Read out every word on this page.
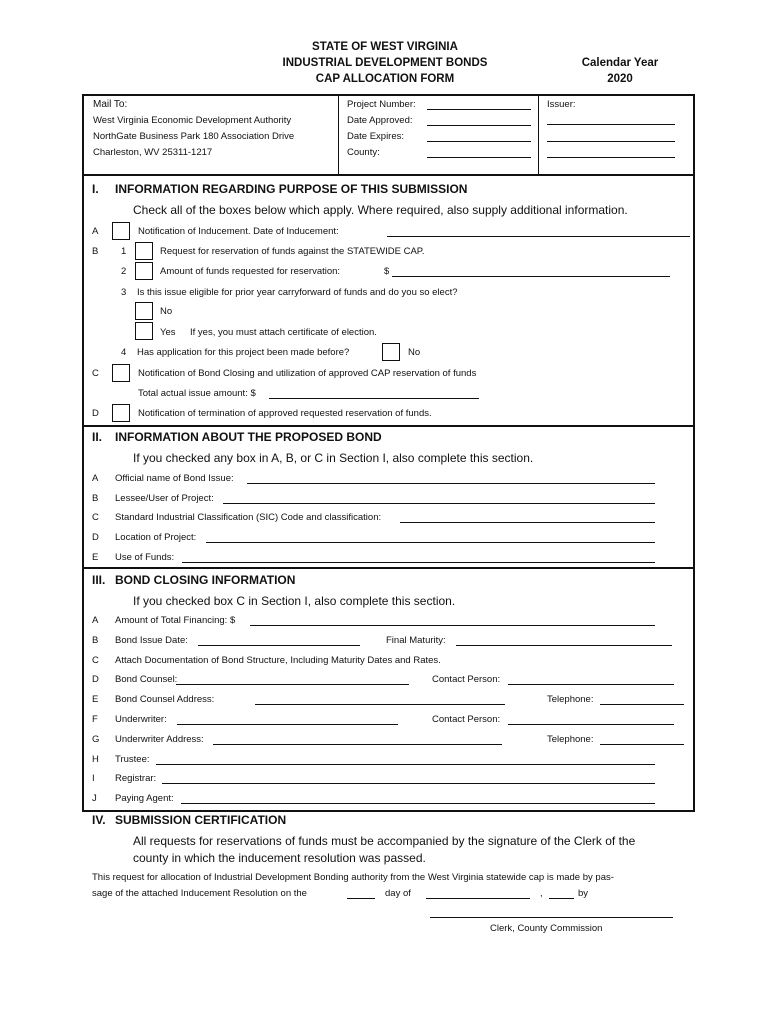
STATE OF WEST VIRGINIA
INDUSTRIAL DEVELOPMENT BONDS
CAP ALLOCATION FORM
Calendar Year
2020
Mail To:
West Virginia Economic Development Authority
NorthGate Business Park 180 Association Drive
Charleston, WV 25311-1217
Project Number:
Date Approved:
Date Expires:
County:
Issuer:
I. INFORMATION REGARDING PURPOSE OF THIS SUBMISSION
Check all of the boxes below which apply. Where required, also supply additional information.
A	Notification of Inducement. Date of Inducement:
B 1	Request for reservation of funds against the STATEWIDE CAP.
2	Amount of funds requested for reservation:	$
3 Is this issue eligible for prior year carryforward of funds and do you so elect?
No
Yes If yes, you must attach certificate of election.
4 Has application for this project been made before?	No
C	Notification of Bond Closing and utilization of approved CAP reservation of funds
Total actual issue amount: $
D	Notification of termination of approved requested reservation of funds.
II. INFORMATION ABOUT THE PROPOSED BOND
If you checked any box in A, B, or C in Section I, also complete this section.
A Official name of Bond Issue:
B Lessee/User of Project:
C Standard Industrial Classification (SIC) Code and classification:
D Location of Project:
E Use of Funds:
III. BOND CLOSING INFORMATION
If you checked box C in Section I, also complete this section.
A Amount of Total Financing: $
B Bond Issue Date:	Final Maturity:
C Attach Documentation of Bond Structure, Including Maturity Dates and Rates.
D Bond Counsel:	Contact Person:
E Bond Counsel Address:	Telephone:
F Underwriter:	Contact Person:
G Underwriter Address:	Telephone:
H Trustee:
I Registrar:
J Paying Agent:
IV. SUBMISSION CERTIFICATION
All requests for reservations of funds must be accompanied by the signature of the Clerk of the
county in which the inducement resolution was passed.
This request for allocation of Industrial Development Bonding authority from the West Virginia statewide cap is made by pas-
sage of the attached Inducement Resolution on the	day of	,	by
Clerk, County Commission
